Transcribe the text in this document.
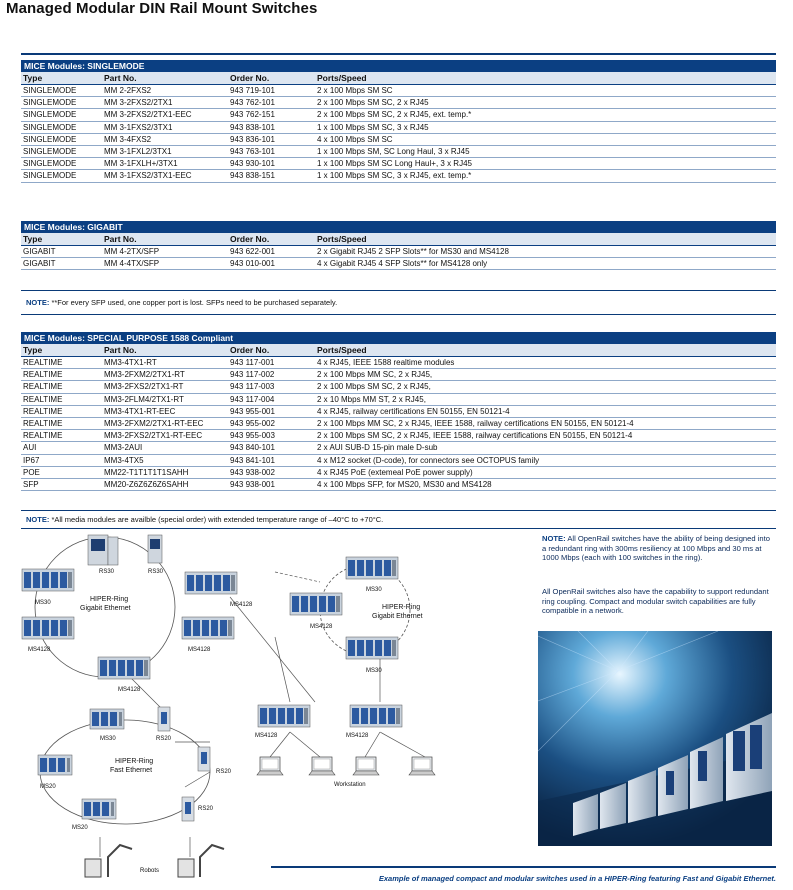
Managed Modular DIN Rail Mount Switches
MICE Modules: SINGLEMODE
Type	Part No.	Order No.	Ports/Speed
SINGLEMODE	MM 2-2FXS2	943 719-101	2 x 100 Mbps SM SC
SINGLEMODE	MM 3-2FXS2/2TX1	943 762-101	2 x 100 Mbps SM SC, 2 x RJ45
SINGLEMODE	MM 3-2FXS2/2TX1-EEC	943 762-151	2 x 100 Mbps SM SC, 2 x RJ45, ext. temp.*
SINGLEMODE	MM 3-1FXS2/3TX1	943 838-101	1 x 100 Mbps SM SC, 3 x RJ45
SINGLEMODE	MM 3-4FXS2	943 836-101	4 x 100 Mbps SM SC
SINGLEMODE	MM 3-1FXL2/3TX1	943 763-101	1 x 100 Mbps SM, SC Long Haul, 3 x RJ45
SINGLEMODE	MM 3-1FXLH+/3TX1	943 930-101	1 x 100 Mbps SM SC Long Haul+, 3 x RJ45
SINGLEMODE	MM 3-1FXS2/3TX1-EEC	943 838-151	1 x 100 Mbps SM SC, 3 x RJ45, ext. temp.*
MICE Modules: GIGABIT
Type	Part No.	Order No.	Ports/Speed
GIGABIT	MM 4-2TX/SFP	943 622-001	2 x Gigabit RJ45 2 SFP Slots** for MS30 and MS4128
GIGABIT	MM 4-4TX/SFP	943 010-001	4 x Gigabit RJ45 4 SFP Slots** for MS4128 only
NOTE: **For every SFP used, one copper port is lost. SFPs need to be purchased separately.
MICE Modules: SPECIAL PURPOSE 1588 Compliant
Type	Part No.	Order No.	Ports/Speed
REALTIME	MM3-4TX1-RT	943 117-001	4 x RJ45, IEEE 1588 realtime modules
REALTIME	MM3-2FXM2/2TX1-RT	943 117-002	2 x 100 Mbps MM SC, 2 x RJ45,
REALTIME	MM3-2FXS2/2TX1-RT	943 117-003	2 x 100 Mbps SM SC, 2 x RJ45,
REALTIME	MM3-2FLM4/2TX1-RT	943 117-004	2 x 10 Mbps MM ST, 2 x RJ45,
REALTIME	MM3-4TX1-RT-EEC	943 955-001	4 x RJ45, railway certifications EN 50155, EN 50121-4
REALTIME	MM3-2FXM2/2TX1-RT-EEC	943 955-002	2 x 100 Mbps MM SC, 2 x RJ45, IEEE 1588, railway certifications EN 50155, EN 50121-4
REALTIME	MM3-2FXS2/2TX1-RT-EEC	943 955-003	2 x 100 Mbps SM SC, 2 x RJ45, IEEE 1588, railway certifications EN 50155, EN 50121-4
AUI	MM3-2AUI	943 840-101	2 x AUI SUB-D 15-pin male D-sub
IP67	MM3-4TX5	943 841-101	4 x M12 socket (D-code), for connectors see OCTOPUS family
POE	MM22-T1T1T1T1SAHH	943 938-002	4 x RJ45 PoE (extemeal PoE power supply)
SFP	MM20-Z6Z6Z6Z6SAHH	943 938-001	4 x 100 Mbps SFP, for MS20, MS30 and MS4128
NOTE: *All media modules are availble (special order) with extended temperature range of –40°C to +70°C.
NOTE: All OpenRail switches have the ability of being designed into a redundant ring with 300ms resiliency at 100 Mbps and 30 ms at 1000 Mbps (each with 100 switches in the ring).
All OpenRail switches also have the capability to support redundant ring coupling. Compact and modular switch capabilities are fully compatible in a network.
RS30	RS30
MS30	MS4128
MS4128	MS4128
MS4128
HIPER-Ring
Gigabit Ethernet
MS30
MS4128
MS30
HIPER-Ring
Gigabit Ethernet
MS30	RS20
RS20
MS20
RS20
MS20
HIPER-Ring
Fast Ethernet
MS4128	MS4128
Workstation
Robots
Example of managed compact and modular switches used in a HIPER-Ring featuring Fast and Gigabit Ethernet.
